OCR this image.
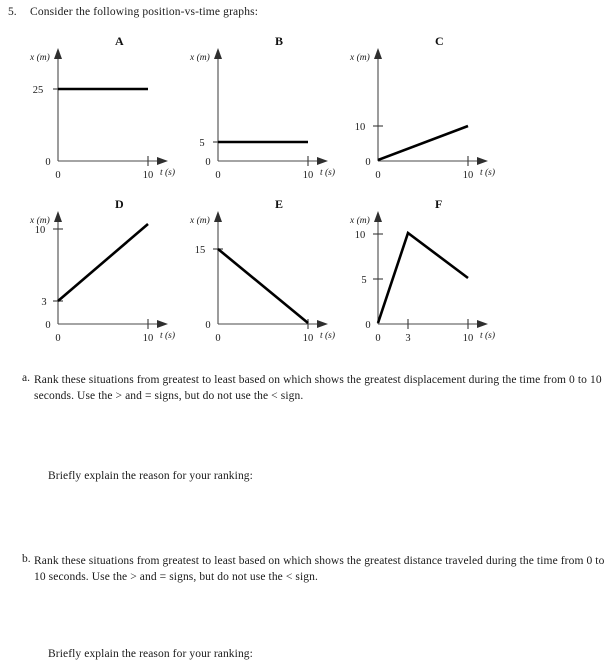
5.	Consider the following position-vs-time graphs:
A
x (m)
25
0
0	10 t (s)
B
x (m)
5
0
0	10 t (s)
C
x (m)
10
0
0	10 t (s)
D
x (m)
10
3
0
0	10 t (s)
E
x (m)
15
0
0	10 t (s)
F
x (m)
10
5
0
0 3	10 t (s)
a. Rank these situations from greatest to least based on which shows the greatest displacement during the time from 0 to 10 seconds. Use the > and = signs, but do not use the < sign.

Briefly explain the reason for your ranking:
b. Rank these situations from greatest to least based on which shows the greatest distance traveled during the time from 0 to 10 seconds. Use the > and = signs, but do not use the < sign.

Briefly explain the reason for your ranking:
